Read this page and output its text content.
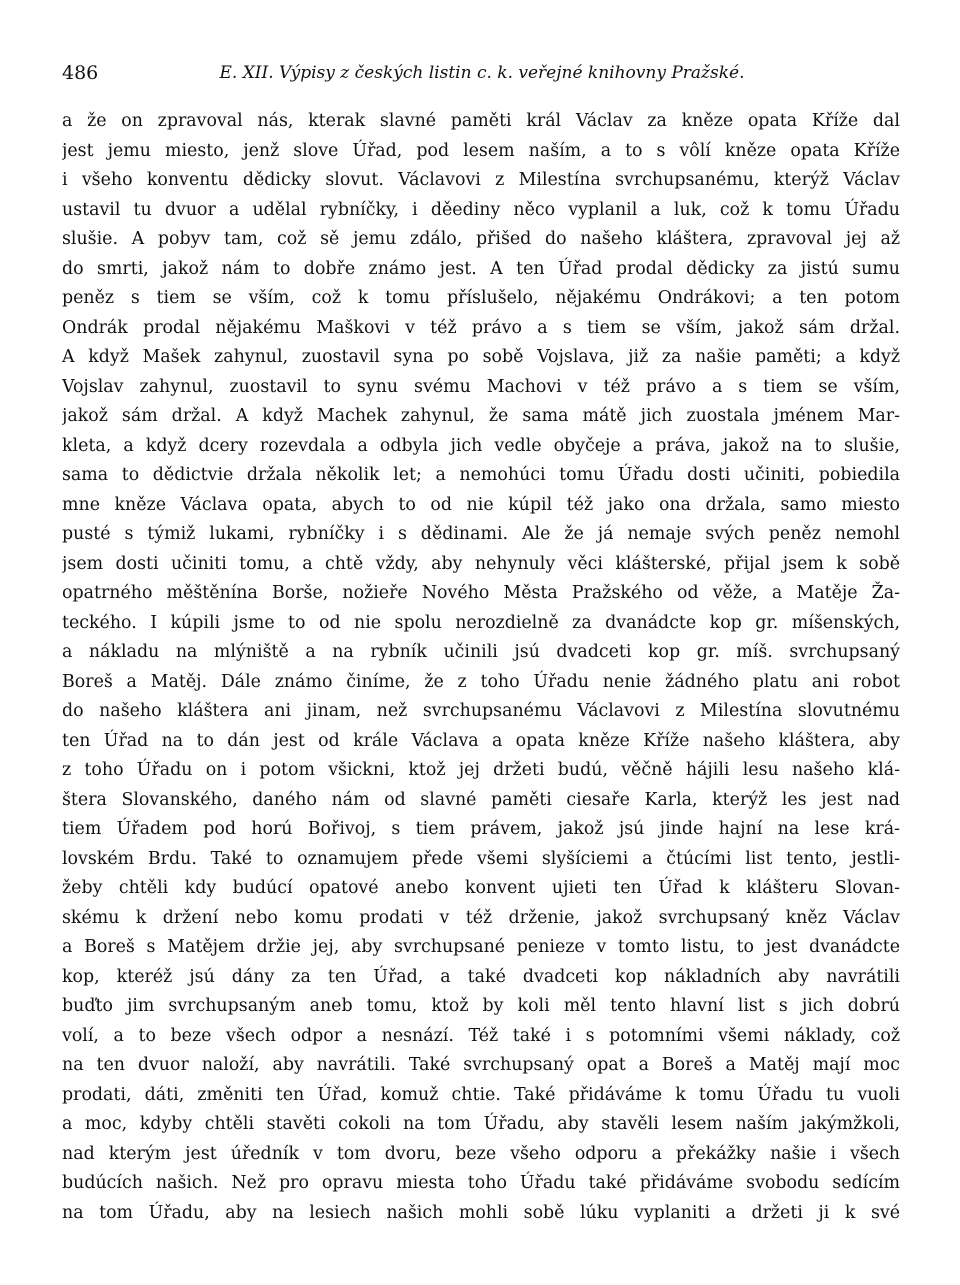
486	E. XII. Výpisy z českých listin c. k. veřejné knihovny Pražské.
a že on zpravoval nás, kterak slavné paměti král Václav za kněze opata Kříže dal
jest jemu miesto, jenž slove Úřad, pod lesem naším, a to s vôlí kněze opata Kříže
i všeho konventu dědicky slovut. Václavovi z Milestína svrchupsanému, kterýž Václav
ustavil tu dvuor a udělal rybníčky, i děediny něco vyplanil a luk, což k tomu Úřadu
slušie. A pobyv tam, což sě jemu zdálo, přišed do našeho kláštera, zpravoval jej až
do smrti, jakož nám to dobře známo jest. A ten Úřad prodal dědicky za jistú sumu
peněz s tiem se vším, což k tomu příslušelo, nějakému Ondrákovi; a ten potom
Ondrák prodal nějakému Maškovi v též právo a s tiem se vším, jakož sám držal.
A když Mašek zahynul, zuostavil syna po sobě Vojslava, již za našie paměti; a když
Vojslav zahynul, zuostavil to synu svému Machovi v též právo a s tiem se vším,
jakož sám držal. A když Machek zahynul, že sama mátě jich zuostala jménem Mar-
kleta, a když dcery rozevdala a odbyla jich vedle obyčeje a práva, jakož na to slušie,
sama to dědictvie držala několik let; a nemohúci tomu Úřadu dosti učiniti, pobiedila
mne kněze Václava opata, abych to od nie kúpil též jako ona držala, samo miesto
pusté s týmiž lukami, rybníčky i s dědinami. Ale že já nemaje svých peněz nemohl
jsem dosti učiniti tomu, a chtě vždy, aby nehynuly věci klášterské, přijal jsem k sobě
opatrného měštěnína Borše, nožieře Nového Města Pražského od věže, a Matěje Ža-
teckého. I kúpili jsme to od nie spolu nerozdielně za dvanádcte kop gr. míšenských,
a nákladu na mlýniště a na rybník učinili jsú dvadceti kop gr. míš. svrchupsaný
Boreš a Matěj. Dále známo činíme, že z toho Úřadu nenie žádného platu ani robot
do našeho kláštera ani jinam, než svrchupsanému Václavovi z Milestína slovutnému
ten Úřad na to dán jest od krále Václava a opata kněze Kříže našeho kláštera, aby
z toho Úřadu on i potom všickni, ktož jej držeti budú, věčně hájili lesu našeho klá-
štera Slovanského, daného nám od slavné paměti ciesaře Karla, kterýž les jest nad
tiem Úřadem pod horú Bořivoj, s tiem právem, jakož jsú jinde hajní na lese krá-
lovském Brdu. Také to oznamujem přede všemi slyšíciemi a čtúcími list tento, jestli-
žeby chtěli kdy budúcí opatové anebo konvent ujieti ten Úřad k klášteru Slovan-
skému k držení nebo komu prodati v též drženie, jakož svrchupsaný kněz Václav
a Boreš s Matějem držie jej, aby svrchupsané penieze v tomto listu, to jest dvanádcte
kop, kteréž jsú dány za ten Úřad, a také dvadceti kop nákladních aby navrátili
buďto jim svrchupsaným aneb tomu, ktož by koli měl tento hlavní list s jich dobrú
volí, a to beze všech odpor a nesnází. Též také i s potomními všemi náklady, což
na ten dvuor naloží, aby navrátili. Také svrchupsaný opat a Boreš a Matěj mají moc
prodati, dáti, změniti ten Úřad, komuž chtie. Také přidáváme k tomu Úřadu tu vuoli
a moc, kdyby chtěli stavěti cokoli na tom Úřadu, aby stavěli lesem naším jakýmžkoli,
nad kterým jest úředník v tom dvoru, beze všeho odporu a překážky našie i všech
budúcích našich. Než pro opravu miesta toho Úřadu také přidáváme svobodu sedícím
na tom Úřadu, aby na lesiech našich mohli sobě lúku vyplaniti a držeti ji k své
